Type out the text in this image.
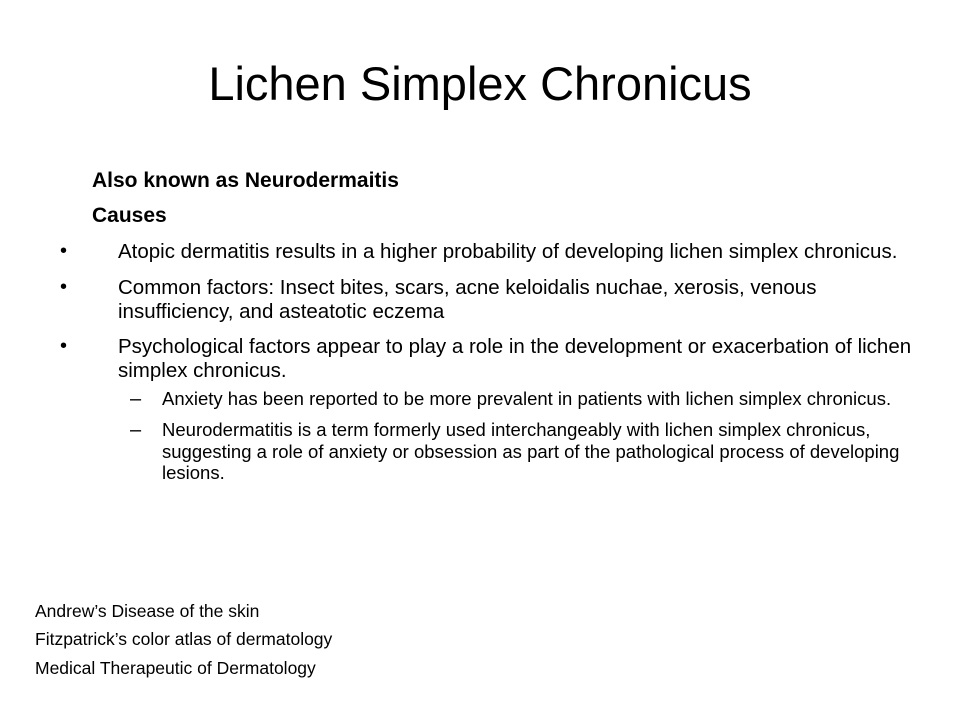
Lichen Simplex Chronicus
Also known as Neurodermaitis
Causes
• Atopic dermatitis results in a higher probability of developing lichen simplex chronicus.
• Common factors: Insect bites, scars, acne keloidalis nuchae, xerosis, venous insufficiency, and asteatotic eczema
• Psychological factors appear to play a role in the development or exacerbation of lichen simplex chronicus.
– Anxiety has been reported to be more prevalent in patients with lichen simplex chronicus.
– Neurodermatitis is a term formerly used interchangeably with lichen simplex chronicus, suggesting a role of anxiety or obsession as part of the pathological process of developing lesions.
Andrew’s Disease of the skin
Fitzpatrick’s color atlas of dermatology
Medical Therapeutic of Dermatology
